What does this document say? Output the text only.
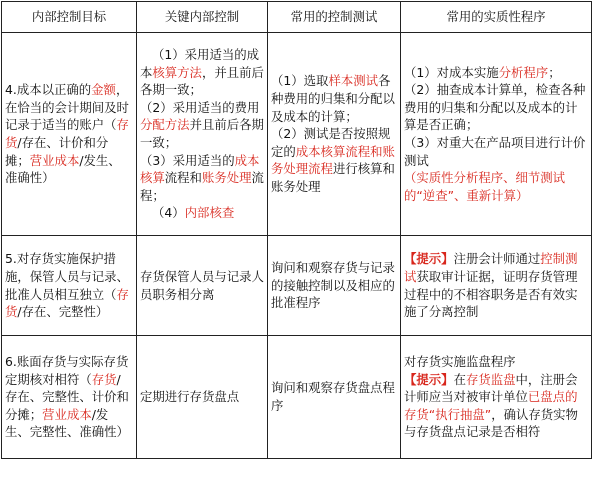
内部控制目标	关键内部控制	常用的控制测试	常用的实质性程序
4.成本以正确的金额，在恰当的会计期间及时记录于适当的账户（存货/存在、计价和分摊；营业成本/发生、准确性）	（1）采用适当的成本核算方法，并且前后各期一致；
（2）采用适当的费用分配方法并且前后各期一致；
（3）采用适当的成本核算流程和账务处理流程；
（4）内部核查	（1）选取样本测试各种费用的归集和分配以及成本的计算；
（2）测试是否按照规定的成本核算流程和账务处理流程进行核算和账务处理	（1）对成本实施分析程序；
（2）抽查成本计算单，检查各种费用的归集和分配以及成本的计算是否正确；
（3）对重大在产品项目进行计价测试
（实质性分析程序、细节测试的“逆查”、重新计算）

5.对存货实施保护措施，保管人员与记录、批准人员相互独立（存货/存在、完整性）	存货保管人员与记录人员职务相分离	询问和观察存货与记录的接触控制以及相应的批准程序	【提示】注册会计师通过控制测试获取审计证据，证明存货管理过程中的不相容职务是否有效实施了分离控制
6.账面存货与实际存货定期核对相符（存货/存在、完整性、计价和分摊；营业成本/发生、完整性、准确性）	定期进行存货盘点	询问和观察存货盘点程序	对存货实施监盘程序
【提示】在存货监盘中，注册会计师应当对被审计单位已盘点的存货“执行抽盘”，确认存货实物与存货盘点记录是否相符
